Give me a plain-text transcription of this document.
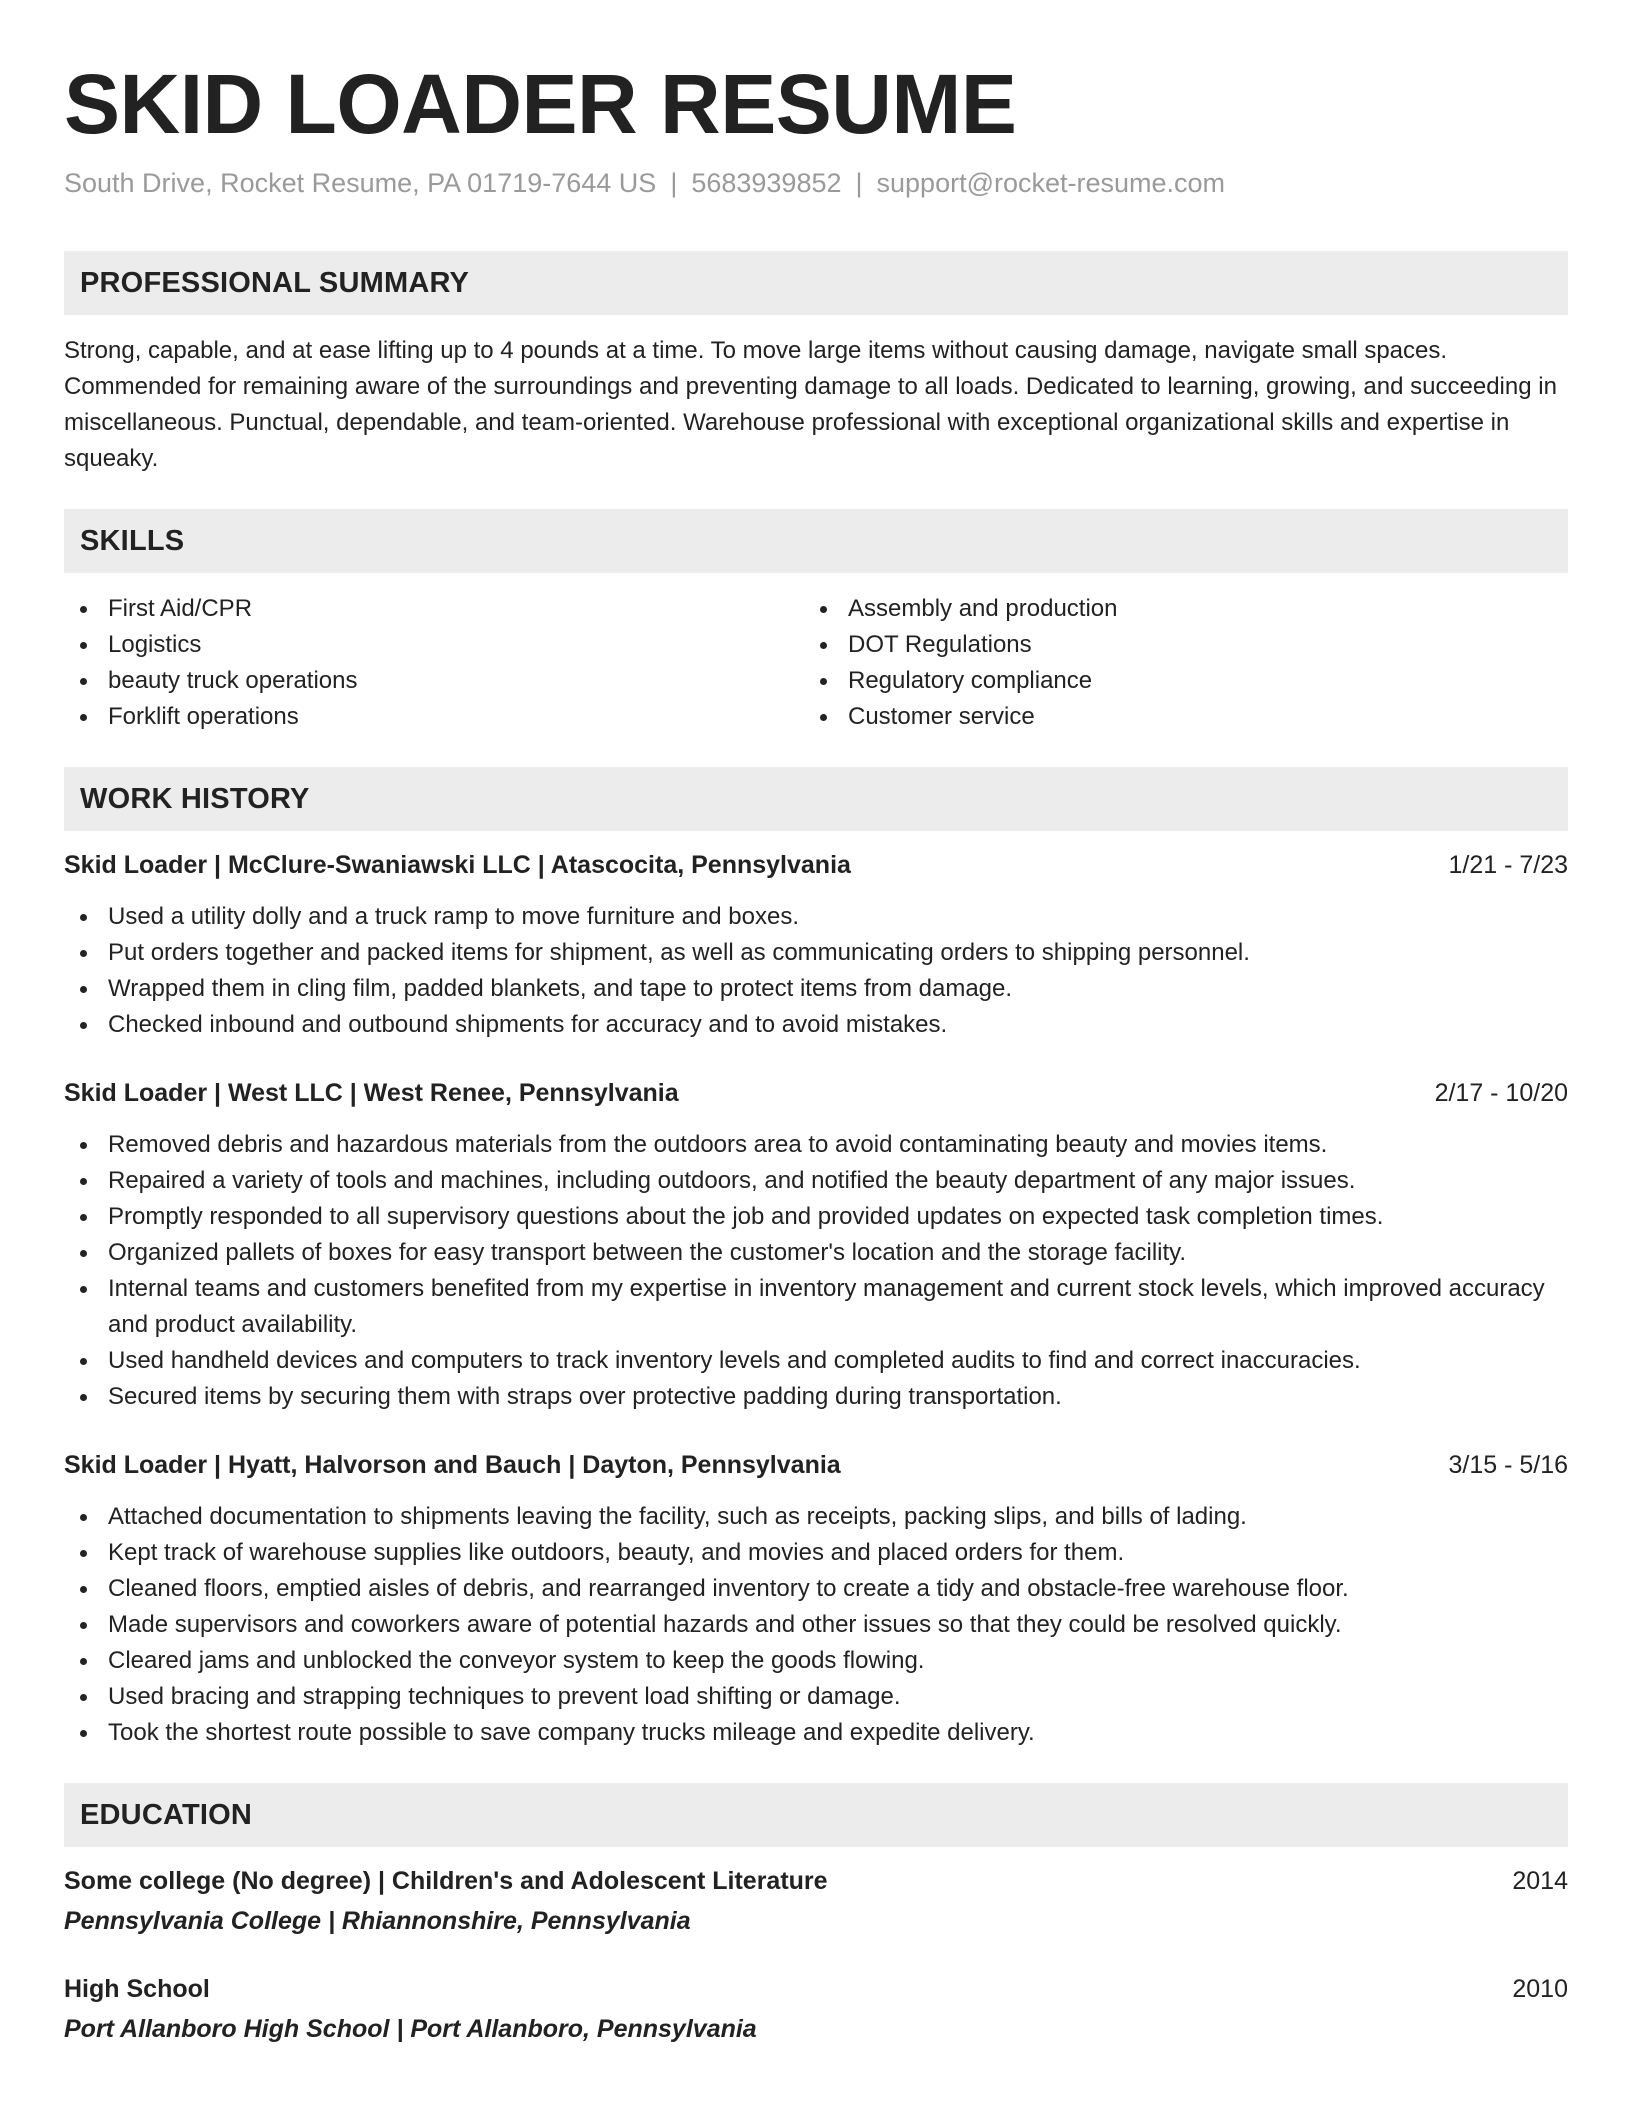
SKID LOADER RESUME
South Drive, Rocket Resume, PA 01719-7644 US | 5683939852 | support@rocket-resume.com
PROFESSIONAL SUMMARY
Strong, capable, and at ease lifting up to 4 pounds at a time. To move large items without causing damage, navigate small spaces. Commended for remaining aware of the surroundings and preventing damage to all loads. Dedicated to learning, growing, and succeeding in miscellaneous. Punctual, dependable, and team-oriented. Warehouse professional with exceptional organizational skills and expertise in squeaky.
SKILLS
First Aid/CPR
Logistics
beauty truck operations
Forklift operations
Assembly and production
DOT Regulations
Regulatory compliance
Customer service
WORK HISTORY
Skid Loader | McClure-Swaniawski LLC | Atascocita, Pennsylvania	1/21 - 7/23
Used a utility dolly and a truck ramp to move furniture and boxes.
Put orders together and packed items for shipment, as well as communicating orders to shipping personnel.
Wrapped them in cling film, padded blankets, and tape to protect items from damage.
Checked inbound and outbound shipments for accuracy and to avoid mistakes.
Skid Loader | West LLC | West Renee, Pennsylvania	2/17 - 10/20
Removed debris and hazardous materials from the outdoors area to avoid contaminating beauty and movies items.
Repaired a variety of tools and machines, including outdoors, and notified the beauty department of any major issues.
Promptly responded to all supervisory questions about the job and provided updates on expected task completion times.
Organized pallets of boxes for easy transport between the customer's location and the storage facility.
Internal teams and customers benefited from my expertise in inventory management and current stock levels, which improved accuracy and product availability.
Used handheld devices and computers to track inventory levels and completed audits to find and correct inaccuracies.
Secured items by securing them with straps over protective padding during transportation.
Skid Loader | Hyatt, Halvorson and Bauch | Dayton, Pennsylvania	3/15 - 5/16
Attached documentation to shipments leaving the facility, such as receipts, packing slips, and bills of lading.
Kept track of warehouse supplies like outdoors, beauty, and movies and placed orders for them.
Cleaned floors, emptied aisles of debris, and rearranged inventory to create a tidy and obstacle-free warehouse floor.
Made supervisors and coworkers aware of potential hazards and other issues so that they could be resolved quickly.
Cleared jams and unblocked the conveyor system to keep the goods flowing.
Used bracing and strapping techniques to prevent load shifting or damage.
Took the shortest route possible to save company trucks mileage and expedite delivery.
EDUCATION
Some college (No degree) | Children's and Adolescent Literature	2014
Pennsylvania College | Rhiannonshire, Pennsylvania
High School	2010
Port Allanboro High School | Port Allanboro, Pennsylvania
